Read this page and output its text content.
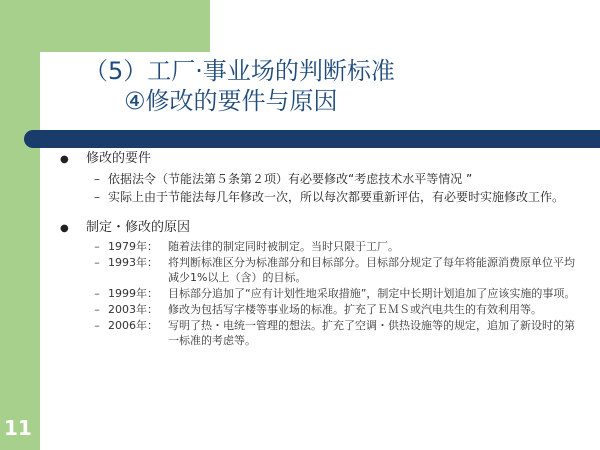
11

（5）工厂·事业场的判断标准

④修改的要件与原因

●	修改的要件
– 依据法令（节能法第５条第２项）有必要修改“考虑技术水平等情况 ”
– 实际上由于节能法每几年修改一次，所以每次都要重新评估，有必要时实施修改工作。
●	制定・修改的原因
– 1979年： 随着法律的制定同时被制定。当时只限于工厂。
– 1993年： 将判断标准区分为标准部分和目标部分。目标部分规定了每年将能源消费原单位平均减少1%以上（含）的目标。
– 1999年： 目标部分追加了“应有计划性地采取措施”，制定中长期计划追加了应该实施的事项。
– 2003年： 修改为包括写字楼等事业场的标准。扩充了ＥＭＳ或汽电共生的有效利用等。
– 2006年： 写明了热・电统一管理的想法。扩充了空调・供热设施等的规定，追加了新设时的第一标准的考虑等。
